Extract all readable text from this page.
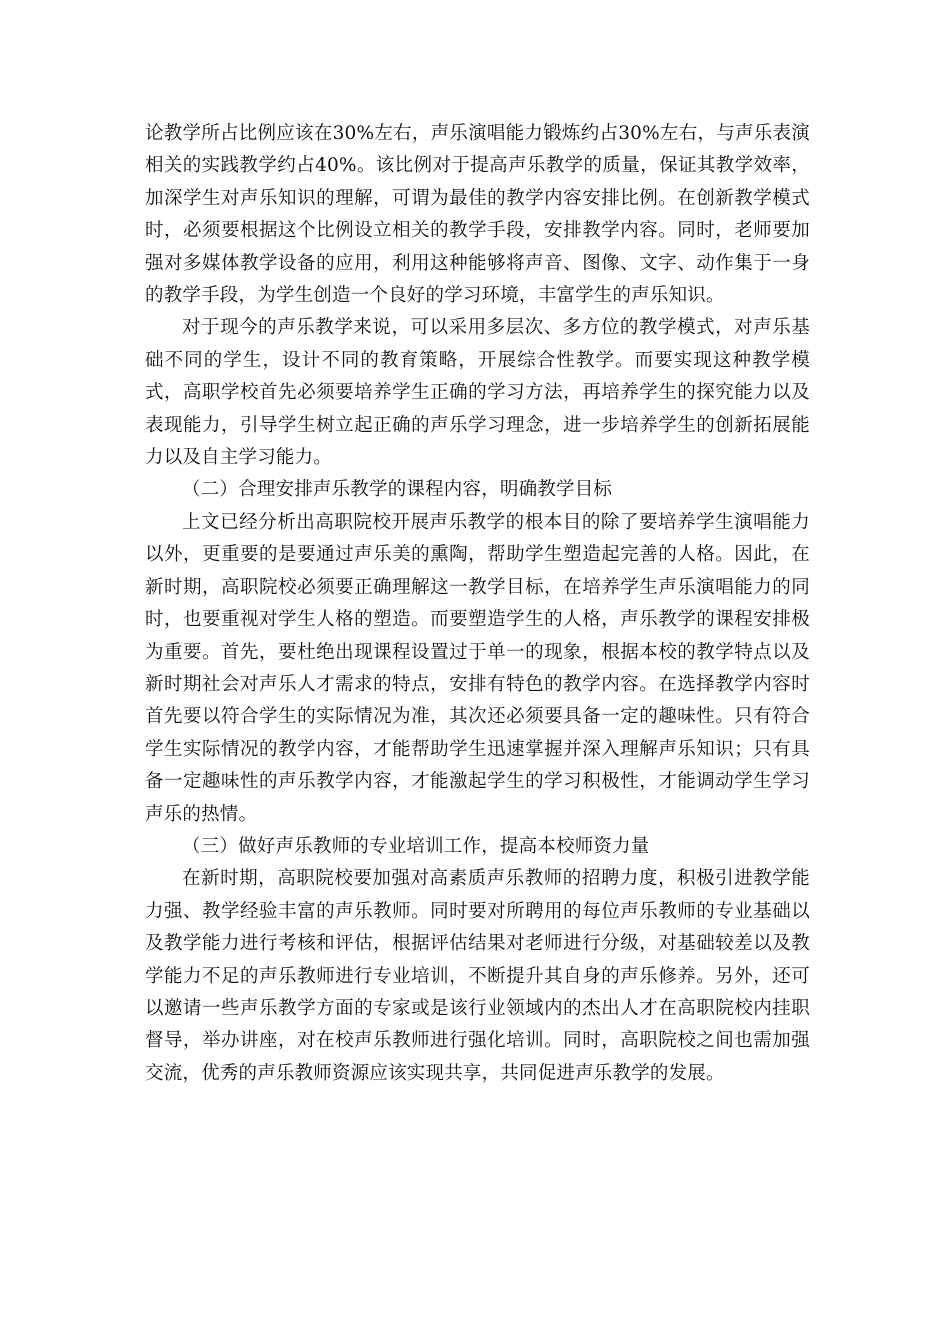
论教学所占比例应该在30%左右，声乐演唱能力锻炼约占30%左右，与声乐表演相关的实践教学约占40%。该比例对于提高声乐教学的质量，保证其教学效率，加深学生对声乐知识的理解，可谓为最佳的教学内容安排比例。在创新教学模式时，必须要根据这个比例设立相关的教学手段，安排教学内容。同时，老师要加强对多媒体教学设备的应用，利用这种能够将声音、图像、文字、动作集于一身的教学手段，为学生创造一个良好的学习环境，丰富学生的声乐知识。

对于现今的声乐教学来说，可以采用多层次、多方位的教学模式，对声乐基础不同的学生，设计不同的教育策略，开展综合性教学。而要实现这种教学模式，高职学校首先必须要培养学生正确的学习方法，再培养学生的探究能力以及表现能力，引导学生树立起正确的声乐学习理念，进一步培养学生的创新拓展能力以及自主学习能力。

（二）合理安排声乐教学的课程内容，明确教学目标

上文已经分析出高职院校开展声乐教学的根本目的除了要培养学生演唱能力以外，更重要的是要通过声乐美的熏陶，帮助学生塑造起完善的人格。因此，在新时期，高职院校必须要正确理解这一教学目标，在培养学生声乐演唱能力的同时，也要重视对学生人格的塑造。而要塑造学生的人格，声乐教学的课程安排极为重要。首先，要杜绝出现课程设置过于单一的现象，根据本校的教学特点以及新时期社会对声乐人才需求的特点，安排有特色的教学内容。在选择教学内容时首先要以符合学生的实际情况为准，其次还必须要具备一定的趣味性。只有符合学生实际情况的教学内容，才能帮助学生迅速掌握并深入理解声乐知识；只有具备一定趣味性的声乐教学内容，才能激起学生的学习积极性，才能调动学生学习声乐的热情。

（三）做好声乐教师的专业培训工作，提高本校师资力量

在新时期，高职院校要加强对高素质声乐教师的招聘力度，积极引进教学能力强、教学经验丰富的声乐教师。同时要对所聘用的每位声乐教师的专业基础以及教学能力进行考核和评估，根据评估结果对老师进行分级，对基础较差以及教学能力不足的声乐教师进行专业培训，不断提升其自身的声乐修养。另外，还可以邀请一些声乐教学方面的专家或是该行业领域内的杰出人才在高职院校内挂职督导，举办讲座，对在校声乐教师进行强化培训。同时，高职院校之间也需加强交流，优秀的声乐教师资源应该实现共享，共同促进声乐教学的发展。
